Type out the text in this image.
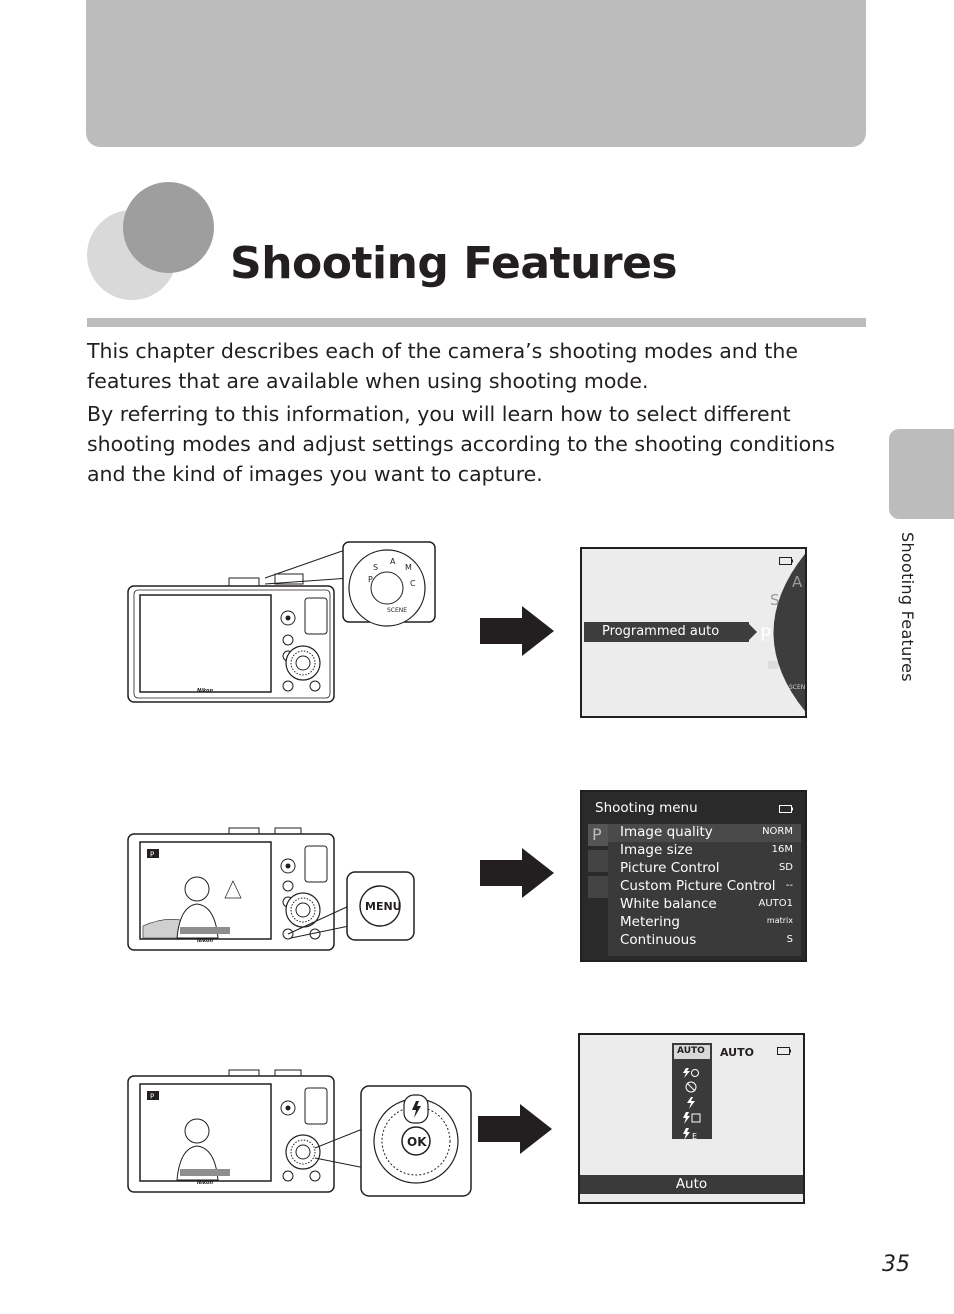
Shooting Features

This chapter describes each of the camera’s shooting modes and the features that are available when using shooting mode.

By referring to this information, you will learn how to select different shooting modes and adjust settings according to the shooting conditions and the kind of images you want to capture.

Shooting Features
Nikon
P
S
A
M
C
SCENE
A
S
P
SCENE
Programmed auto
P
Nikon
MENU
Shooting menu
P Image quality
Image size
Picture Control
Custom Picture Control
White balance
Metering
Continuous
NORM
16M
SD
--
AUTO1
matrix
S
P
Nikon
OK
AUTO
AUTO
E
Auto
35
